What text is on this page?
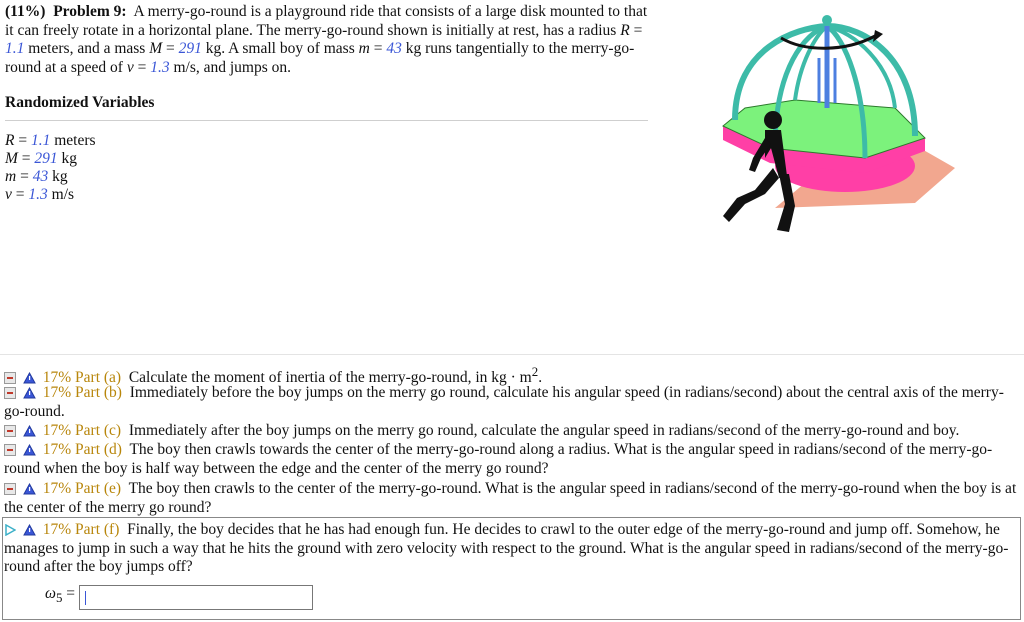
(11%) Problem 9: A merry-go-round is a playground ride that consists of a large disk mounted to that it can freely rotate in a horizontal plane. The merry-go-round shown is initially at rest, has a radius R = 1.1 meters, and a mass M = 291 kg. A small boy of mass m = 43 kg runs tangentially to the merry-go-round at a speed of v = 1.3 m/s, and jumps on.
Randomized Variables
R = 1.1 meters
M = 291 kg
m = 43 kg
v = 1.3 m/s
17% Part (a) Calculate the moment of inertia of the merry-go-round, in kg · $m^2$.
17% Part (b) Immediately before the boy jumps on the merry go round, calculate his angular speed (in radians/second) about the central axis of the merry-go-round.
17% Part (c) Immediately after the boy jumps on the merry go round, calculate the angular speed in radians/second of the merry-go-round and boy.
17% Part (d) The boy then crawls towards the center of the merry-go-round along a radius. What is the angular speed in radians/second of the merry-go-round when the boy is half way between the edge and the center of the merry go round?
17% Part (e) The boy then crawls to the center of the merry-go-round. What is the angular speed in radians/second of the merry-go-round when the boy is at the center of the merry go round?
17% Part (f) Finally, the boy decides that he has had enough fun. He decides to crawl to the outer edge of the merry-go-round and jump off. Somehow, he manages to jump in such a way that he hits the ground with zero velocity with respect to the ground. What is the angular speed in radians/second of the merry-go-round after the boy jumps off?
$\omega_5$ =
